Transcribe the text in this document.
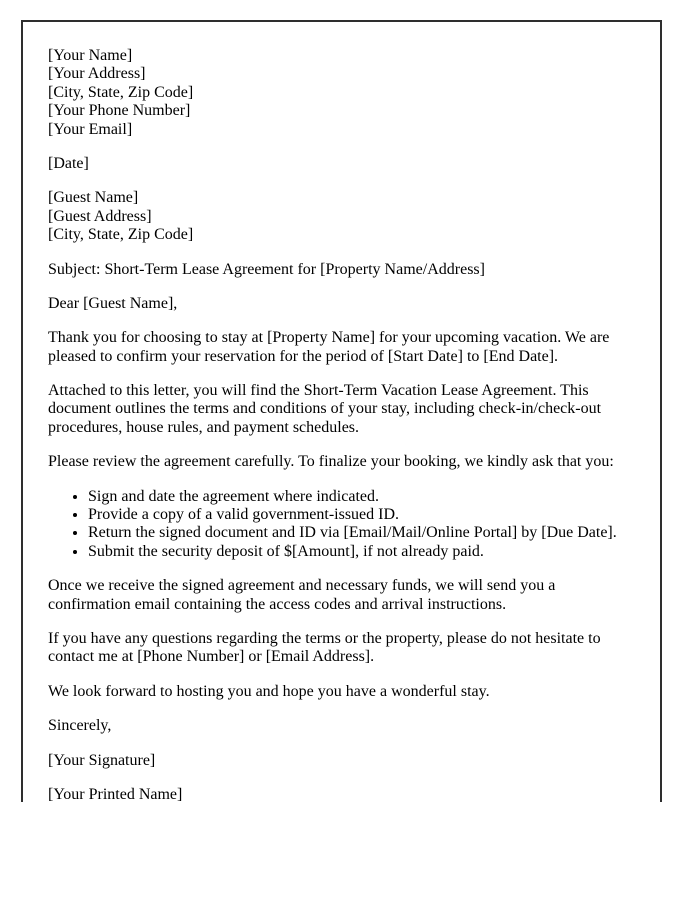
[Your Name]
[Your Address]
[City, State, Zip Code]
[Your Phone Number]
[Your Email]

[Date]

[Guest Name]
[Guest Address]
[City, State, Zip Code]

Subject: Short-Term Lease Agreement for [Property Name/Address]

Dear [Guest Name],

Thank you for choosing to stay at [Property Name] for your upcoming vacation. We are pleased to confirm your reservation for the period of [Start Date] to [End Date].

Attached to this letter, you will find the Short-Term Vacation Lease Agreement. This document outlines the terms and conditions of your stay, including check-in/check-out procedures, house rules, and payment schedules.

Please review the agreement carefully. To finalize your booking, we kindly ask that you:

• Sign and date the agreement where indicated.
• Provide a copy of a valid government-issued ID.
• Return the signed document and ID via [Email/Mail/Online Portal] by [Due Date].
• Submit the security deposit of $[Amount], if not already paid.

Once we receive the signed agreement and necessary funds, we will send you a confirmation email containing the access codes and arrival instructions.

If you have any questions regarding the terms or the property, please do not hesitate to contact me at [Phone Number] or [Email Address].

We look forward to hosting you and hope you have a wonderful stay.

Sincerely,

[Your Signature]

[Your Printed Name]
